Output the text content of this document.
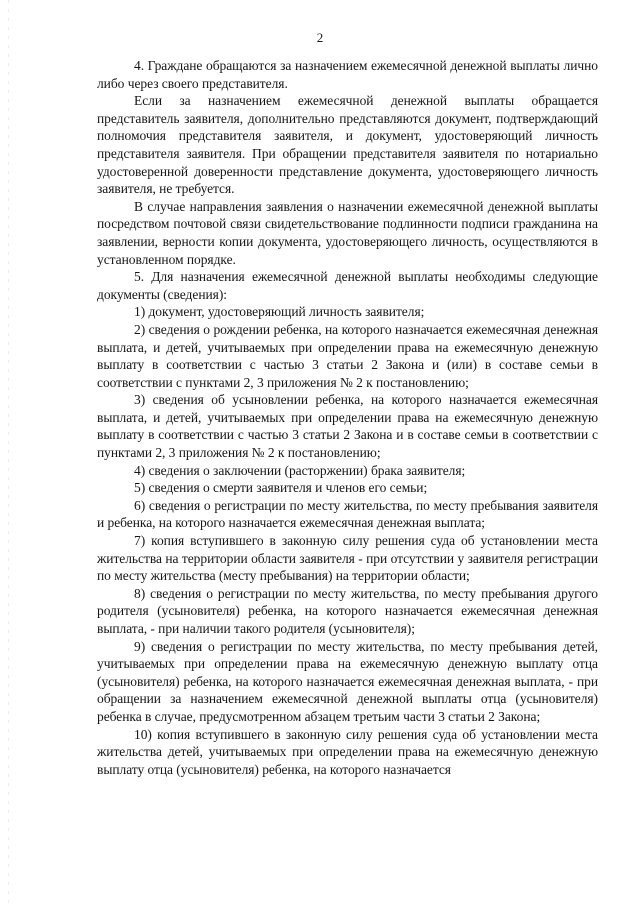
2

4. Граждане обращаются за назначением ежемесячной денежной выплаты лично либо через своего представителя.

Если за назначением ежемесячной денежной выплаты обращается представитель заявителя, дополнительно представляются документ, подтверждающий полномочия представителя заявителя, и документ, удостоверяющий личность представителя заявителя. При обращении представителя заявителя по нотариально удостоверенной доверенности представление документа, удостоверяющего личность заявителя, не требуется.

В случае направления заявления о назначении ежемесячной денежной выплаты посредством почтовой связи свидетельствование подлинности подписи гражданина на заявлении, верности копии документа, удостоверяющего личность, осуществляются в установленном порядке.

5. Для назначения ежемесячной денежной выплаты необходимы следующие документы (сведения):

1) документ, удостоверяющий личность заявителя;

2) сведения о рождении ребенка, на которого назначается ежемесячная денежная выплата, и детей, учитываемых при определении права на ежемесячную денежную выплату в соответствии с частью 3 статьи 2 Закона и (или) в составе семьи в соответствии с пунктами 2, 3 приложения № 2 к постановлению;

3) сведения об усыновлении ребенка, на которого назначается ежемесячная выплата, и детей, учитываемых при определении права на ежемесячную денежную выплату в соответствии с частью 3 статьи 2 Закона и в составе семьи в соответствии с пунктами 2, 3 приложения № 2 к постановлению;

4) сведения о заключении (расторжении) брака заявителя;

5) сведения о смерти заявителя и членов его семьи;

6) сведения о регистрации по месту жительства, по месту пребывания заявителя и ребенка, на которого назначается ежемесячная денежная выплата;

7) копия вступившего в законную силу решения суда об установлении места жительства на территории области заявителя - при отсутствии у заявителя регистрации по месту жительства (месту пребывания) на территории области;

8) сведения о регистрации по месту жительства, по месту пребывания другого родителя (усыновителя) ребенка, на которого назначается ежемесячная денежная выплата, - при наличии такого родителя (усыновителя);

9) сведения о регистрации по месту жительства, по месту пребывания детей, учитываемых при определении права на ежемесячную денежную выплату отца (усыновителя) ребенка, на которого назначается ежемесячная денежная выплата, - при обращении за назначением ежемесячной денежной выплаты отца (усыновителя) ребенка в случае, предусмотренном абзацем третьим части 3 статьи 2 Закона;

10) копия вступившего в законную силу решения суда об установлении места жительства детей, учитываемых при определении права на ежемесячную денежную выплату отца (усыновителя) ребенка, на которого назначается
